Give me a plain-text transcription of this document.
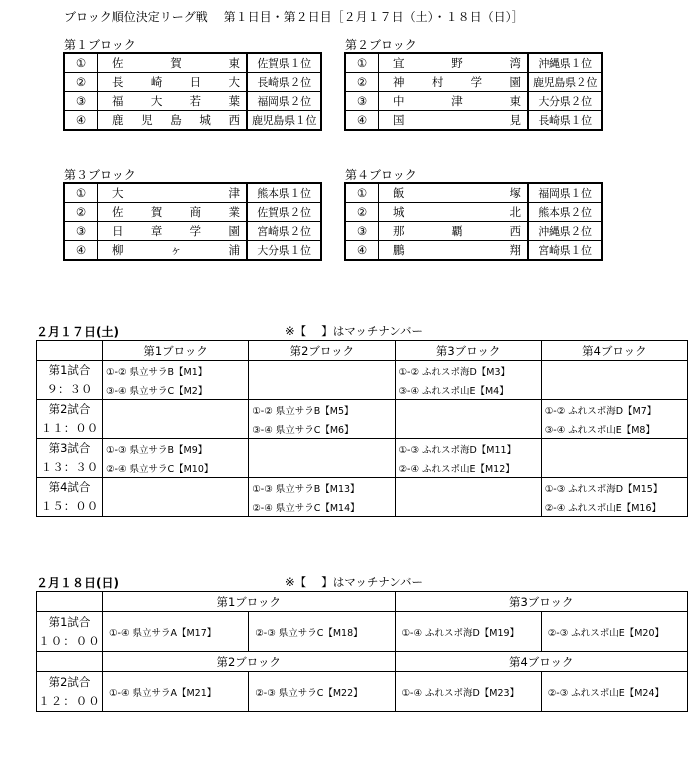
ブロック順位決定リーグ戦　 第１日目・第２日目［２月１７日（土）・１８日（日）］
第１ブロック
①	佐賀東	佐賀県１位
②	長崎日大	長崎県２位
③	福大若葉	福岡県２位
④	鹿児島城西	鹿児島県１位
第２ブロック
①	宜野湾	沖縄県１位
②	神村学園	鹿児島県２位
③	中津東	大分県２位
④	国見	長崎県１位
第３ブロック
①	大津	熊本県１位
②	佐賀商業	佐賀県２位
③	日章学園	宮崎県２位
④	柳ヶ浦	大分県１位
第４ブロック
①	飯塚	福岡県１位
②	城北	熊本県２位
③	那覇西	沖縄県２位
④	鵬翔	宮崎県１位
２月１７日(土)	※【　 】はマッチナンバー
	第1ブロック	第2ブロック	第3ブロック	第4ブロック
第1試合	①-② 県立サラB【M1】		①-② ふれスポ海D【M3】	
９：３０	③-④ 県立サラC【M2】		③-④ ふれスポ山E【M4】	
第2試合		①-② 県立サラB【M5】		①-② ふれスポ海D【M7】
１１：００		③-④ 県立サラC【M6】		③-④ ふれスポ山E【M8】
第3試合	①-③ 県立サラB【M9】		①-③ ふれスポ海D【M11】	
１３：３０	②-④ 県立サラC【M10】		②-④ ふれスポ山E【M12】	
第4試合		①-③ 県立サラB【M13】		①-③ ふれスポ海D【M15】
１５：００		②-④ 県立サラC【M14】		②-④ ふれスポ山E【M16】
２月１８日(日)	※【　 】はマッチナンバー
	第1ブロック		第3ブロック	

第1試合
１０：００	①-④ 県立サラA【M17】	②-③ 県立サラC【M18】	①-④ ふれスポ海D【M19】	②-③ ふれスポ山E【M20】
	第2ブロック		第4ブロック	

第2試合
１２：００	①-④ 県立サラA【M21】	②-③ 県立サラC【M22】	①-④ ふれスポ海D【M23】	②-③ ふれスポ山E【M24】
